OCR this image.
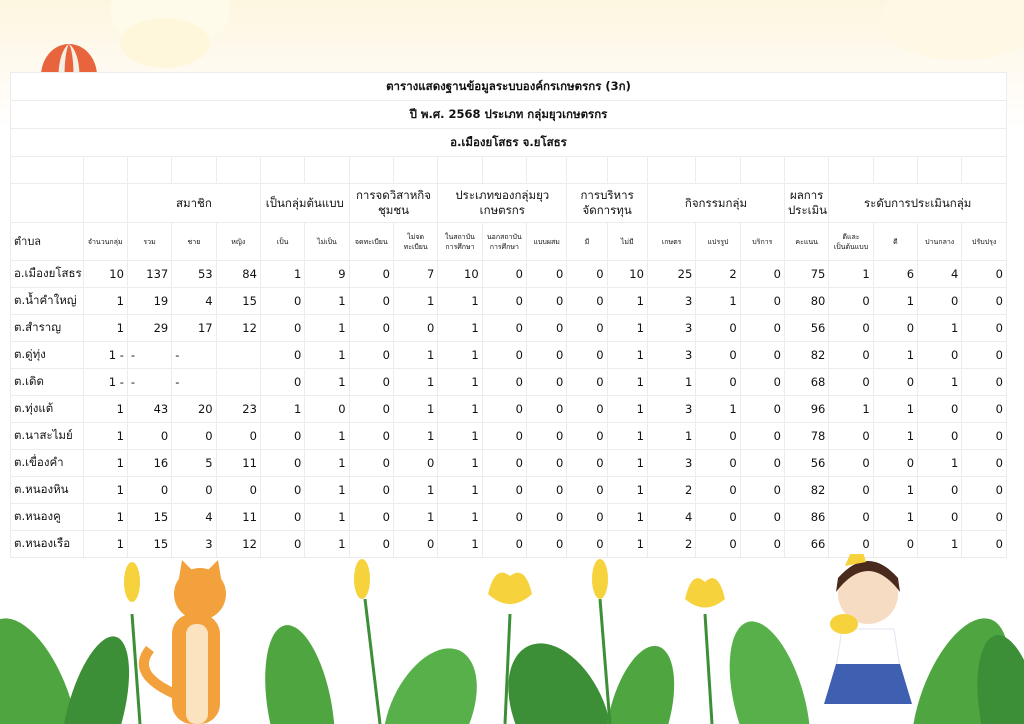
ตารางแสดงฐานข้อมูลระบบองค์กรเกษตรกร (3ก)																					
ปี พ.ศ. 2568 ประเภท กลุ่มยุวเกษตรกร																					
อ.เมืองยโสธร จ.ยโสธร																					

		สมาชิก			เป็นกลุ่มต้นแบบ		การจดวิสาหกิจชุมชน		ประเภทของกลุ่มยุวเกษตรกร			การบริหารจัดการทุน		กิจกรรมกลุ่ม			ผลการประเมิน	ระดับการประเมินกลุ่ม			
ตำบล	จำนวนกลุ่ม	รวม	ชาย	หญิง	เป็น	ไม่เป็น	จดทะเบียน	ไม่จดทะเบียน	ในสถาบันการศึกษา	นอกสถาบันการศึกษา	แบบผสม	มี	ไม่มี	เกษตร	แปรรูป	บริการ	คะแนน	ดีและเป็นต้นแบบ	ดี	ปานกลาง	ปรับปรุง
อ.เมืองยโสธร	10	137	53	84	1	9	0	7	10	0	0	0	10	25	2	0	75	1	6	4	0
ต.น้ำคำใหญ่	1	19	4	15	0	1	0	1	1	0	0	0	1	3	1	0	80	0	1	0	0
ต.สำราญ	1	29	17	12	0	1	0	0	1	0	0	0	1	3	0	0	56	0	0	1	0
ต.ดู่ทุ่ง	1 -	-	-		0	1	0	1	1	0	0	0	1	3	0	0	82	0	1	0	0
ต.เดิด	1 -	-	-		0	1	0	1	1	0	0	0	1	1	0	0	68	0	0	1	0
ต.ทุ่งแต้	1	43	20	23	1	0	0	1	1	0	0	0	1	3	1	0	96	1	1	0	0
ต.นาสะไมย์	1	0	0	0	0	1	0	1	1	0	0	0	1	1	0	0	78	0	1	0	0
ต.เขื่องคำ	1	16	5	11	0	1	0	0	1	0	0	0	1	3	0	0	56	0	0	1	0
ต.หนองหิน	1	0	0	0	0	1	0	1	1	0	0	0	1	2	0	0	82	0	1	0	0
ต.หนองคู	1	15	4	11	0	1	0	1	1	0	0	0	1	4	0	0	86	0	1	0	0
ต.หนองเรือ	1	15	3	12	0	1	0	0	1	0	0	0	1	2	0	0	66	0	0	1	0
